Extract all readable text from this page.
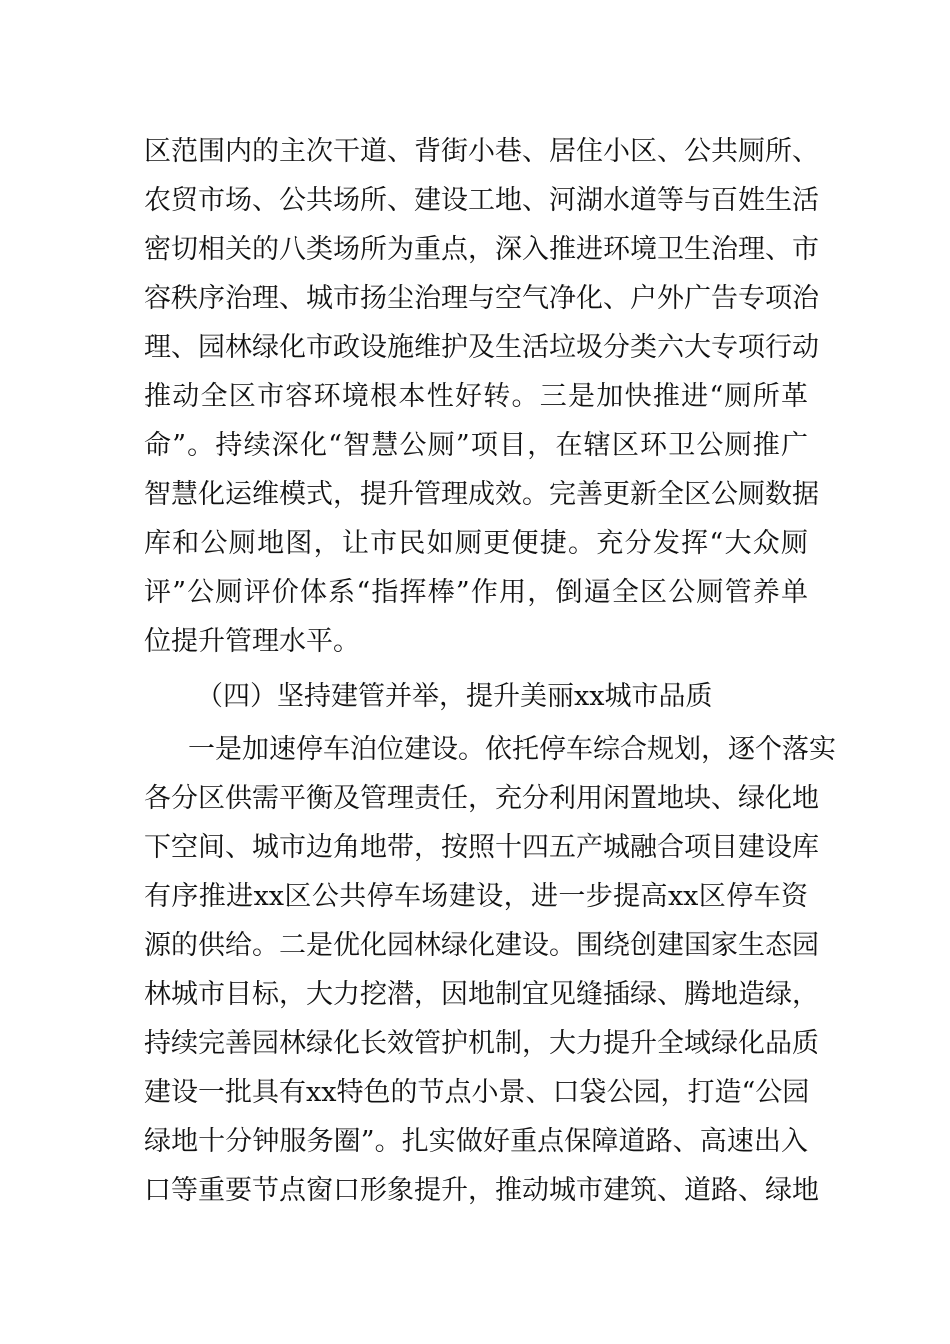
区范围内的主次干道、背街小巷、居住小区、公共厕所、
农贸市场、公共场所、建设工地、河湖水道等与百姓生活
密切相关的八类场所为重点，深入推进环境卫生治理、市
容秩序治理、城市扬尘治理与空气净化、户外广告专项治
理、园林绿化市政设施维护及生活垃圾分类六大专项行动
推动全区市容环境根本性好转。三是加快推进“厕所革
命”。持续深化“智慧公厕”项目，在辖区环卫公厕推广
智慧化运维模式，提升管理成效。完善更新全区公厕数据
库和公厕地图，让市民如厕更便捷。充分发挥“大众厕
评”公厕评价体系“指挥棒”作用，倒逼全区公厕管养单
位提升管理水平。
（四）坚持建管并举，提升美丽xx城市品质
一是加速停车泊位建设。依托停车综合规划，逐个落实
各分区供需平衡及管理责任，充分利用闲置地块、绿化地
下空间、城市边角地带，按照十四五产城融合项目建设库
有序推进xx区公共停车场建设，进一步提高xx区停车资
源的供给。二是优化园林绿化建设。围绕创建国家生态园
林城市目标，大力挖潜，因地制宜见缝插绿、腾地造绿，
持续完善园林绿化长效管护机制，大力提升全域绿化品质
建设一批具有xx特色的节点小景、口袋公园，打造“公园
绿地十分钟服务圈”。扎实做好重点保障道路、高速出入
口等重要节点窗口形象提升，推动城市建筑、道路、绿地
